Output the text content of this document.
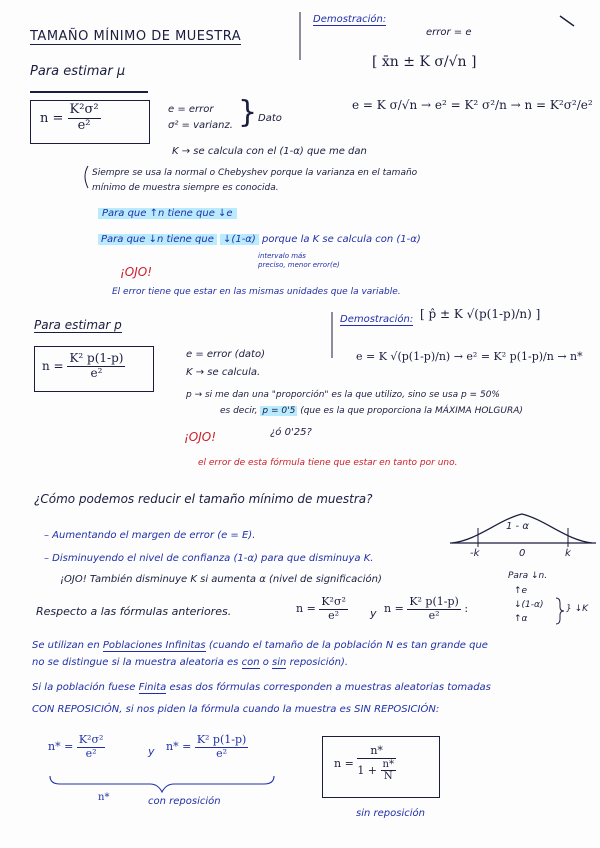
TAMAÑO MÍNIMO DE MUESTRA
Para estimar μ
$n = \frac{\text{K²σ²}}{\text{e²}}$	e = error
σ² = varianz. } Dato
K → se calcula con el (1-α) que me dan
Siempre se usa la normal o Chebyshev porque la varianza en el tamaño
mínimo de muestra siempre es conocida.
Para que ↑n tiene que ↓e
Para que ↓n tiene que ↓(1-α) porque la K se calcula con (1-α)
intervalo más
preciso, menor error(e)
¡OJO!
El error tiene que estar en las mismas unidades que la variable.
Demostración:
error = e
[ x̄n ± K σ/√n ]
e = K σ/√n → e² = K² σ²/n → n = K²σ²/e²
Para estimar p
$n = \frac{\text{K² p(1-p)}}{\text{e²}}$	e = error (dato)
K → se calcula.
p → si me dan una "proporción" es la que utilizo, sino se usa p = 50%
es decir, p = 0'5 (que es la que proporciona la MÁXIMA HOLGURA)
¿ó 0'25?
¡OJO!
el error de esta fórmula tiene que estar en tanto por uno.
Demostración: [ p̂ ± K √(p(1-p)/n) ]
e = K √(p(1-p)/n) → e² = K² p(1-p)/n → n*
¿Cómo podemos reducir el tamaño mínimo de muestra?
– Aumentando el margen de error (e = E).
– Disminuyendo el nivel de confianza (1-α) para que disminuya K.
¡OJO! También disminuye K si aumenta α (nivel de significación)
1 - α
-k	0	k
Para ↓n.
↑e
↓(1-α)
↑α
} ↓K
Respecto a las fórmulas anteriores.	$n = \frac{\text{K²σ²}}{\text{e²}}$ y $n = \frac{\text{K² p(1-p)}}{\text{e²}}$ :
Se utilizan en Poblaciones Infinitas (cuando el tamaño de la población N es tan grande que
no se distingue si la muestra aleatoria es con o sin reposición).
Si la población fuese Finita esas dos fórmulas corresponden a muestras aleatorias tomadas
CON REPOSICIÓN, si nos piden la fórmula cuando la muestra es SIN REPOSICIÓN:
$n* = \frac{\text{K²σ²}}{\text{e²}}$	y $n* = \frac{\text{K² p(1-p)}}{\text{e²}}$
n*	con reposición
$n = \frac{n*}{1 + \frac{n*}{N}}$
sin reposición
